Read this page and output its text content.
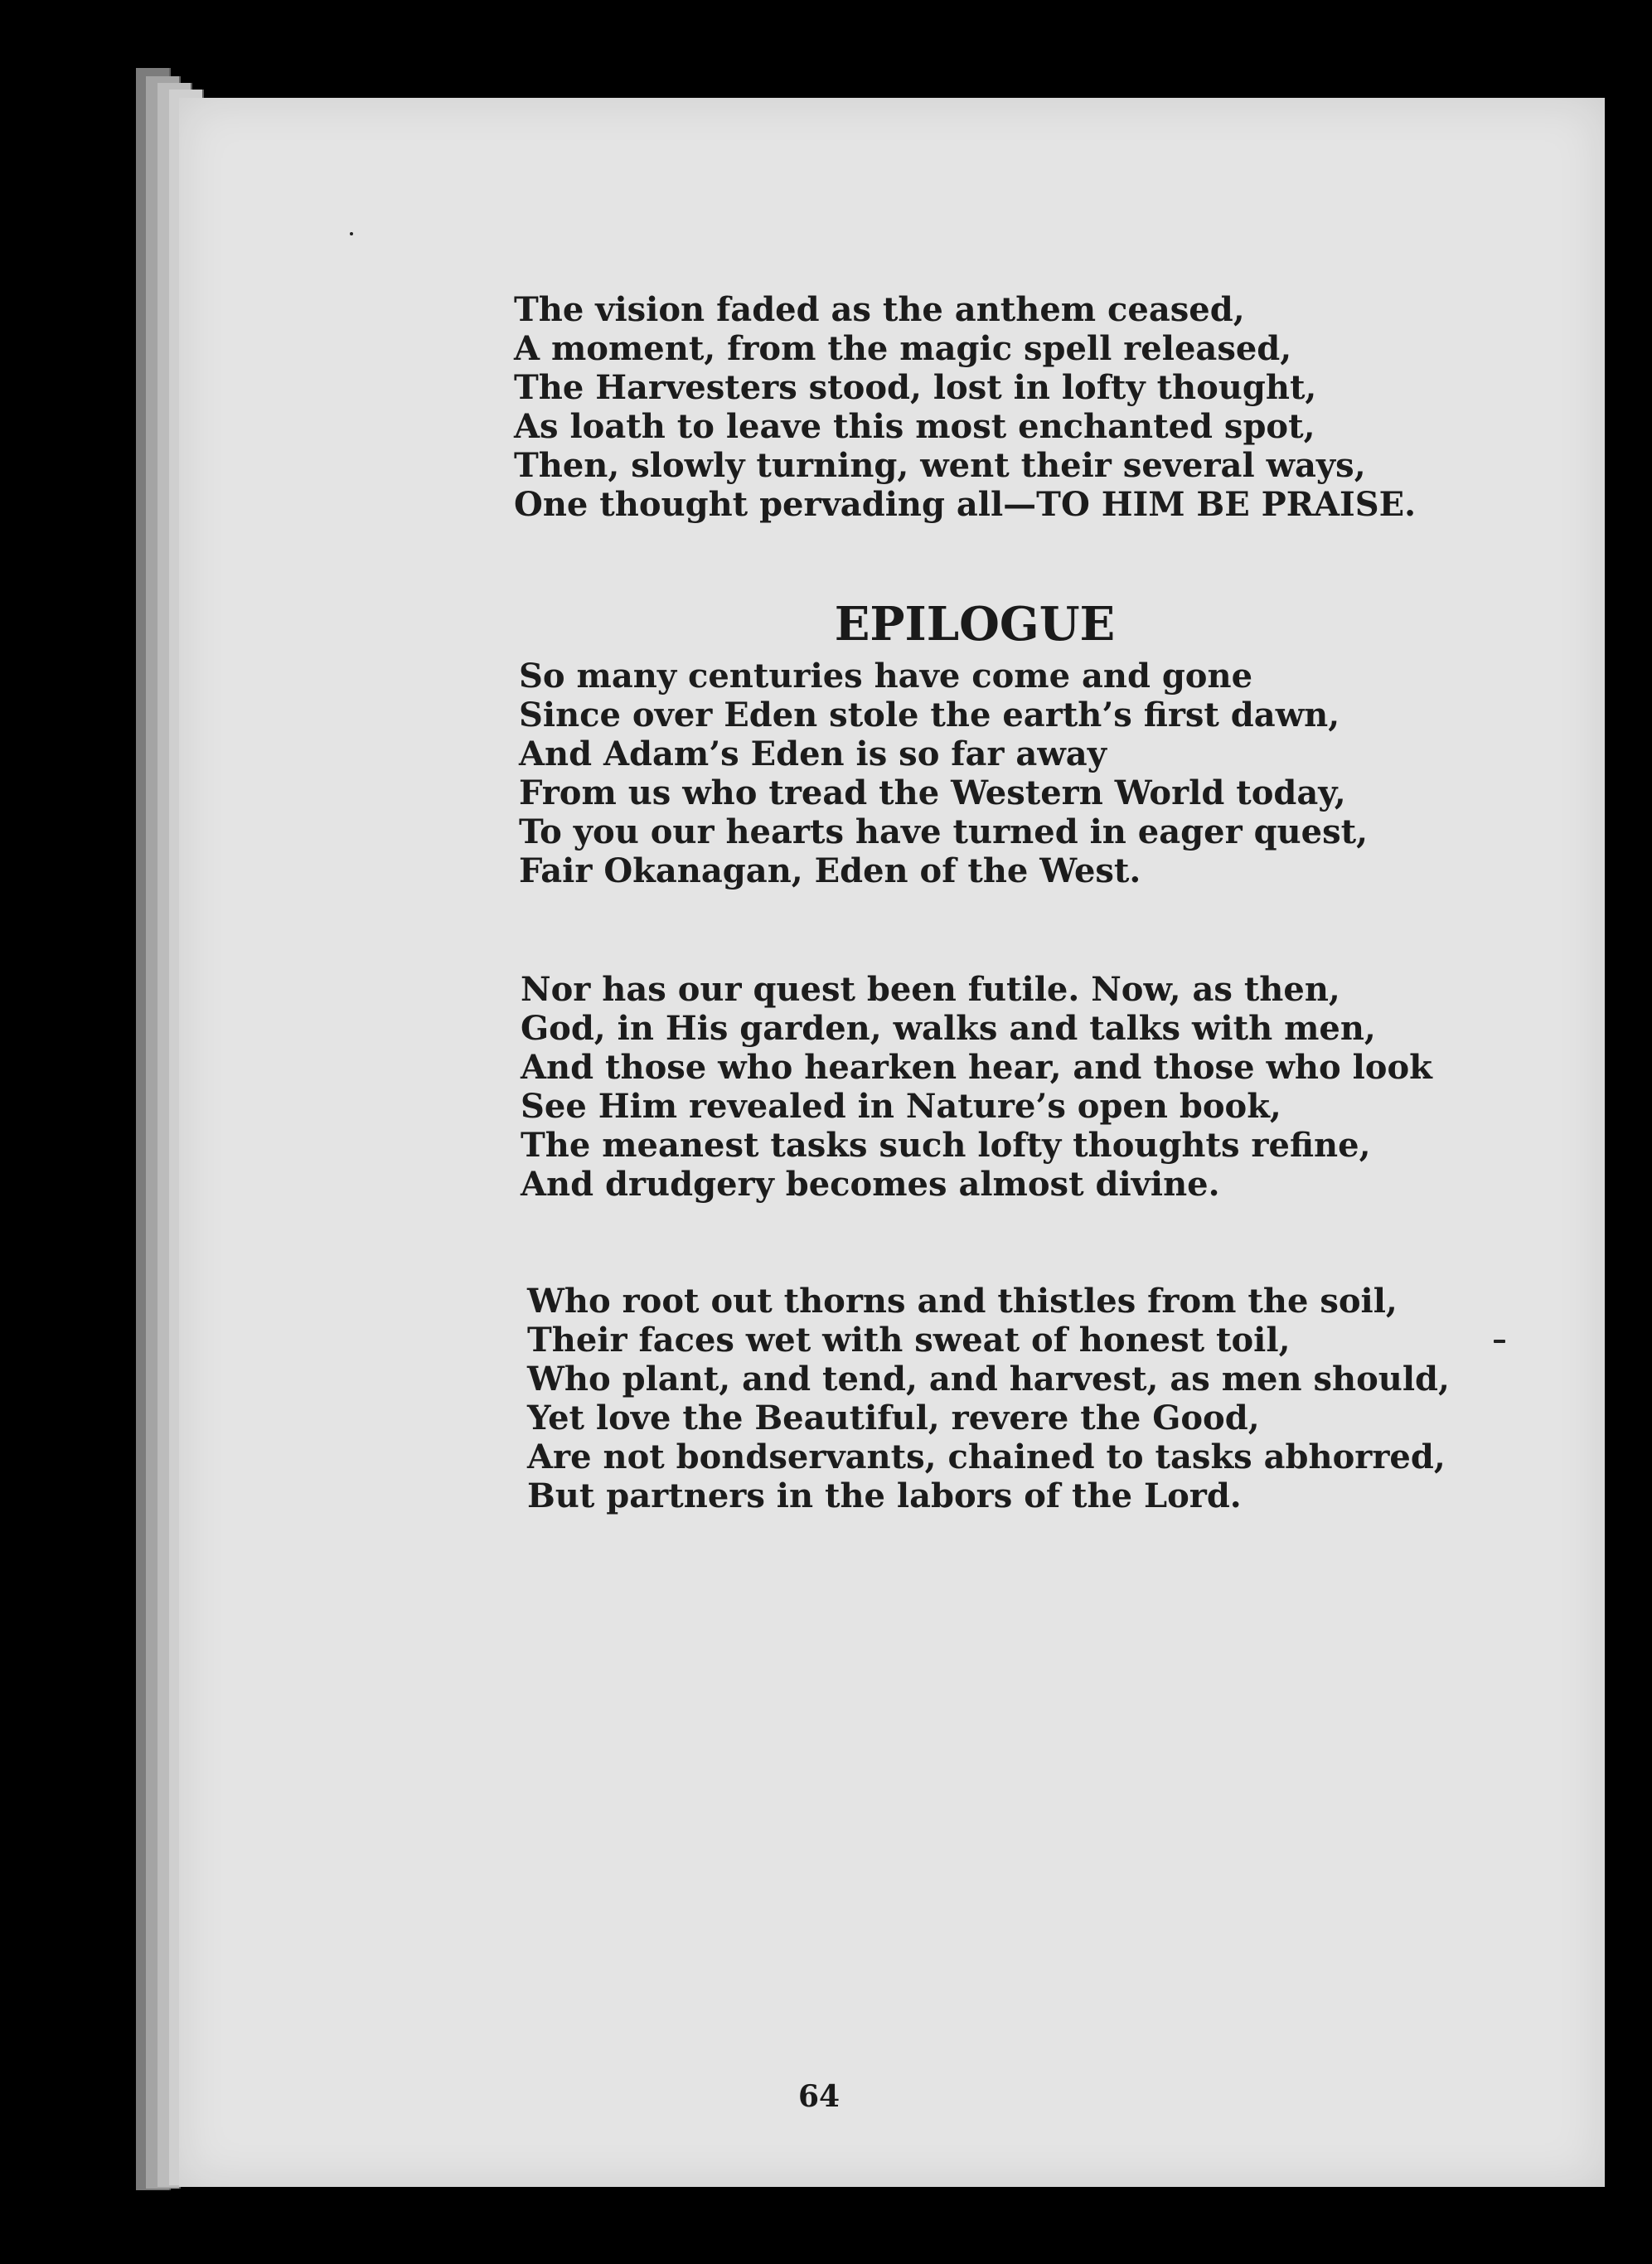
The vision faded as the anthem ceased,
A moment, from the magic spell released,
The Harvesters stood, lost in lofty thought,
As loath to leave this most enchanted spot,
Then, slowly turning, went their several ways,
One thought pervading all—TO HIM BE PRAISE.
EPILOGUE
So many centuries have come and gone
Since over Eden stole the earth’s first dawn,
And Adam’s Eden is so far away
From us who tread the Western World today,
To you our hearts have turned in eager quest,
Fair Okanagan, Eden of the West.
Nor has our quest been futile. Now, as then,
God, in His garden, walks and talks with men,
And those who hearken hear, and those who look
See Him revealed in Nature’s open book,
The meanest tasks such lofty thoughts refine,
And drudgery becomes almost divine.
Who root out thorns and thistles from the soil,
Their faces wet with sweat of honest toil,
Who plant, and tend, and harvest, as men should,
Yet love the Beautiful, revere the Good,
Are not bondservants, chained to tasks abhorred,
But partners in the labors of the Lord.
64
